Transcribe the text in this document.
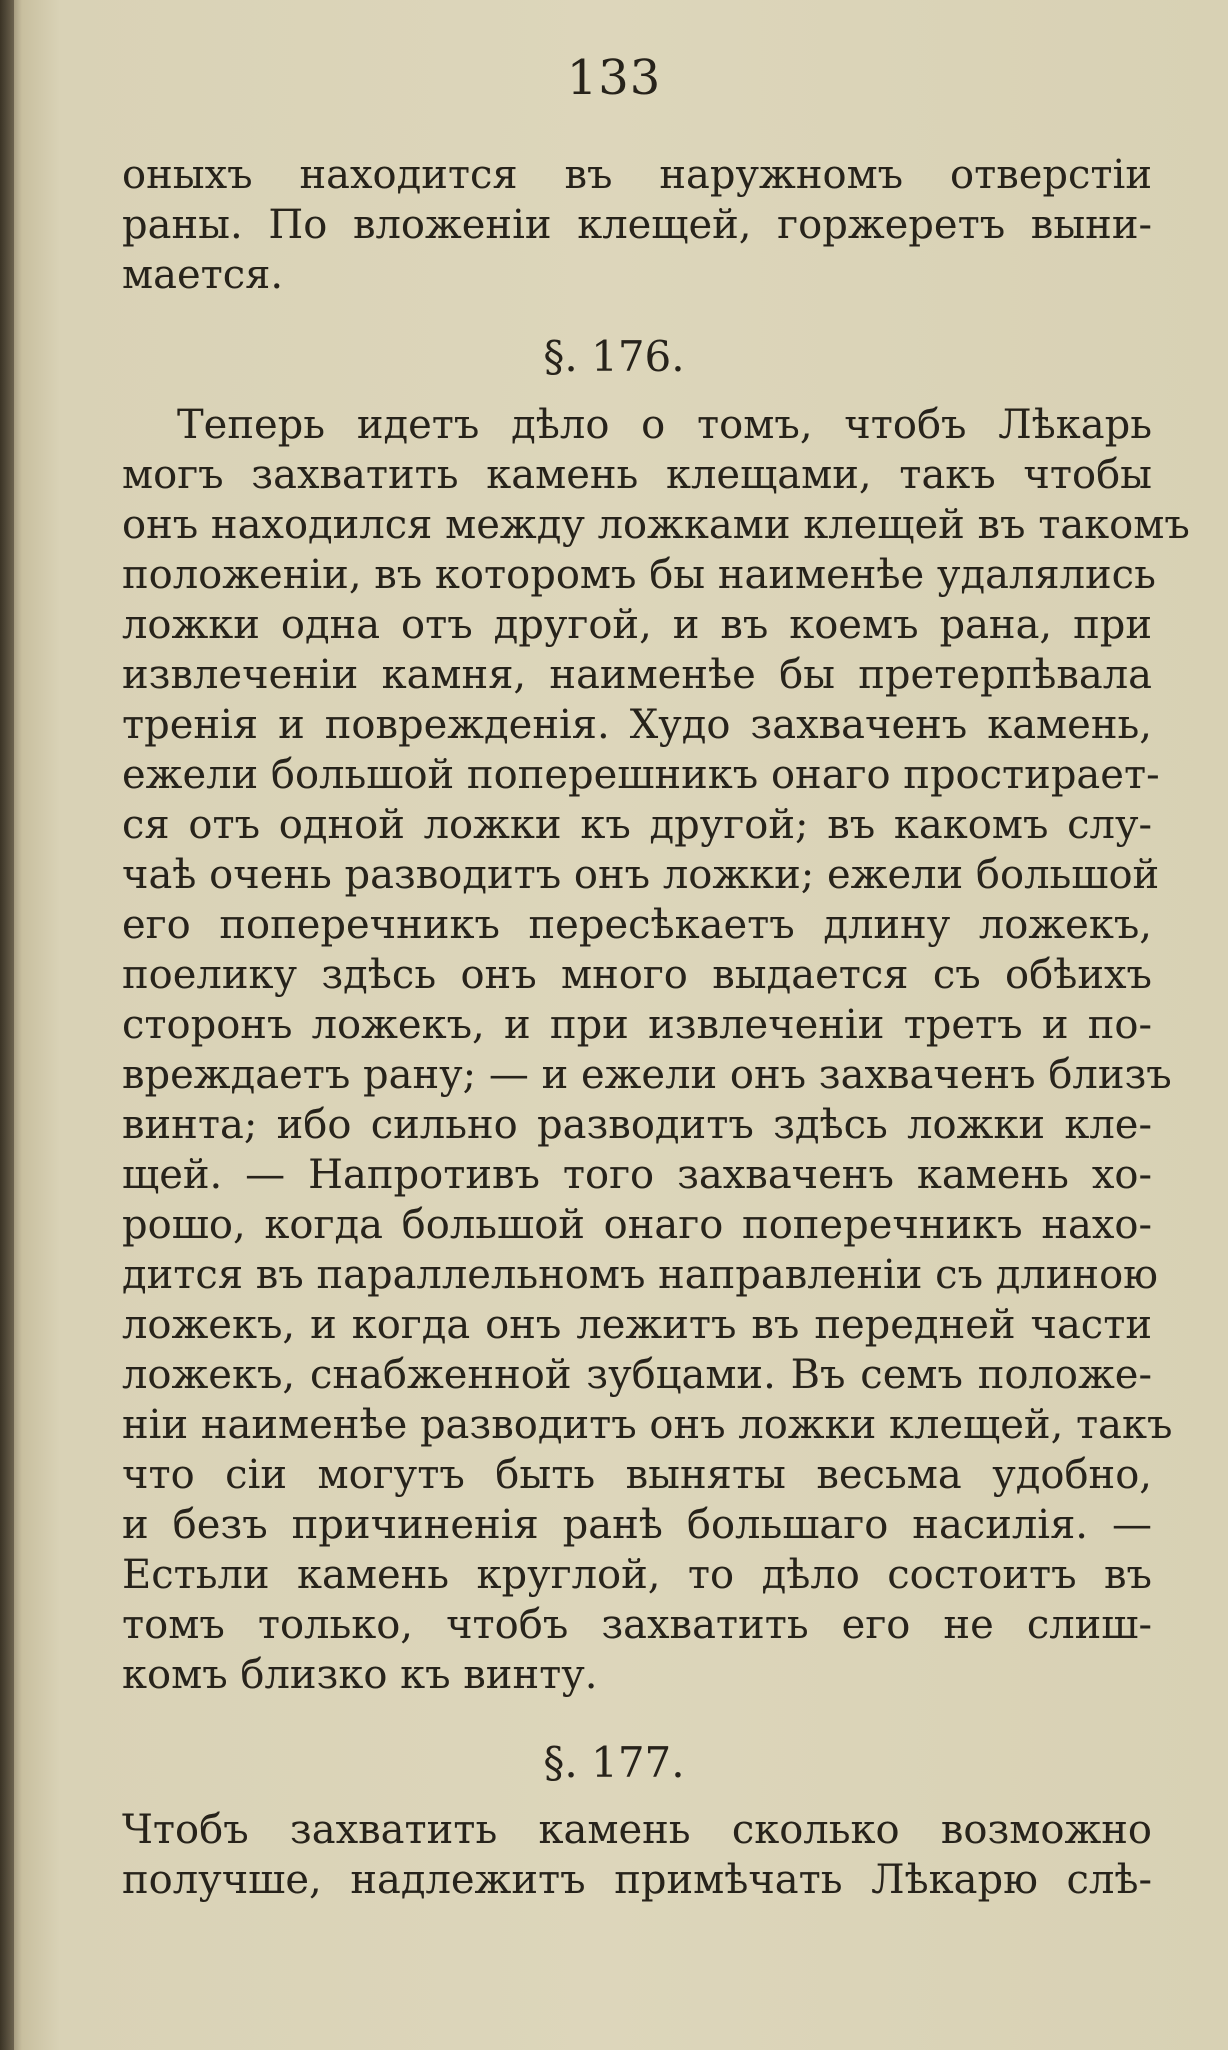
133
оныхъ находится въ наружномъ отверстіи
раны. По вложеніи клещей, горжеретъ выни-
мается.
§. 176.
Теперь идетъ дѣло о томъ, чтобъ Лѣкарь
могъ захватить камень клещами, такъ чтобы
онъ находился между ложками клещей въ такомъ
положеніи, въ которомъ бы наименѣе удалялись
ложки одна отъ другой, и въ коемъ рана, при
извлеченіи камня, наименѣе бы претерпѣвала
тренія и поврежденія. Худо захваченъ камень,
ежели большой поперешникъ онаго простирает-
ся отъ одной ложки къ другой; въ какомъ слу-
чаѣ очень разводитъ онъ ложки; ежели большой
его поперечникъ пересѣкаетъ длину ложекъ,
поелику здѣсь онъ много выдается съ обѣихъ
сторонъ ложекъ, и при извлеченіи третъ и по-
вреждаетъ рану; — и ежели онъ захваченъ близъ
винта; ибо сильно разводитъ здѣсь ложки кле-
щей. — Напротивъ того захваченъ камень хо-
рошо, когда большой онаго поперечникъ нахо-
дится въ параллельномъ направленіи съ длиною
ложекъ, и когда онъ лежитъ въ передней части
ложекъ, снабженной зубцами. Въ семъ положе-
ніи наименѣе разводитъ онъ ложки клещей, такъ
что сіи могутъ быть выняты весьма удобно,
и безъ причиненія ранѣ большаго насилія. —
Естьли камень круглой, то дѣло состоитъ въ
томъ только, чтобъ захватить его не слиш-
комъ близко къ винту.
§. 177.
Чтобъ захватить камень сколько возможно
получше, надлежитъ примѣчать Лѣкарю слѣ-
